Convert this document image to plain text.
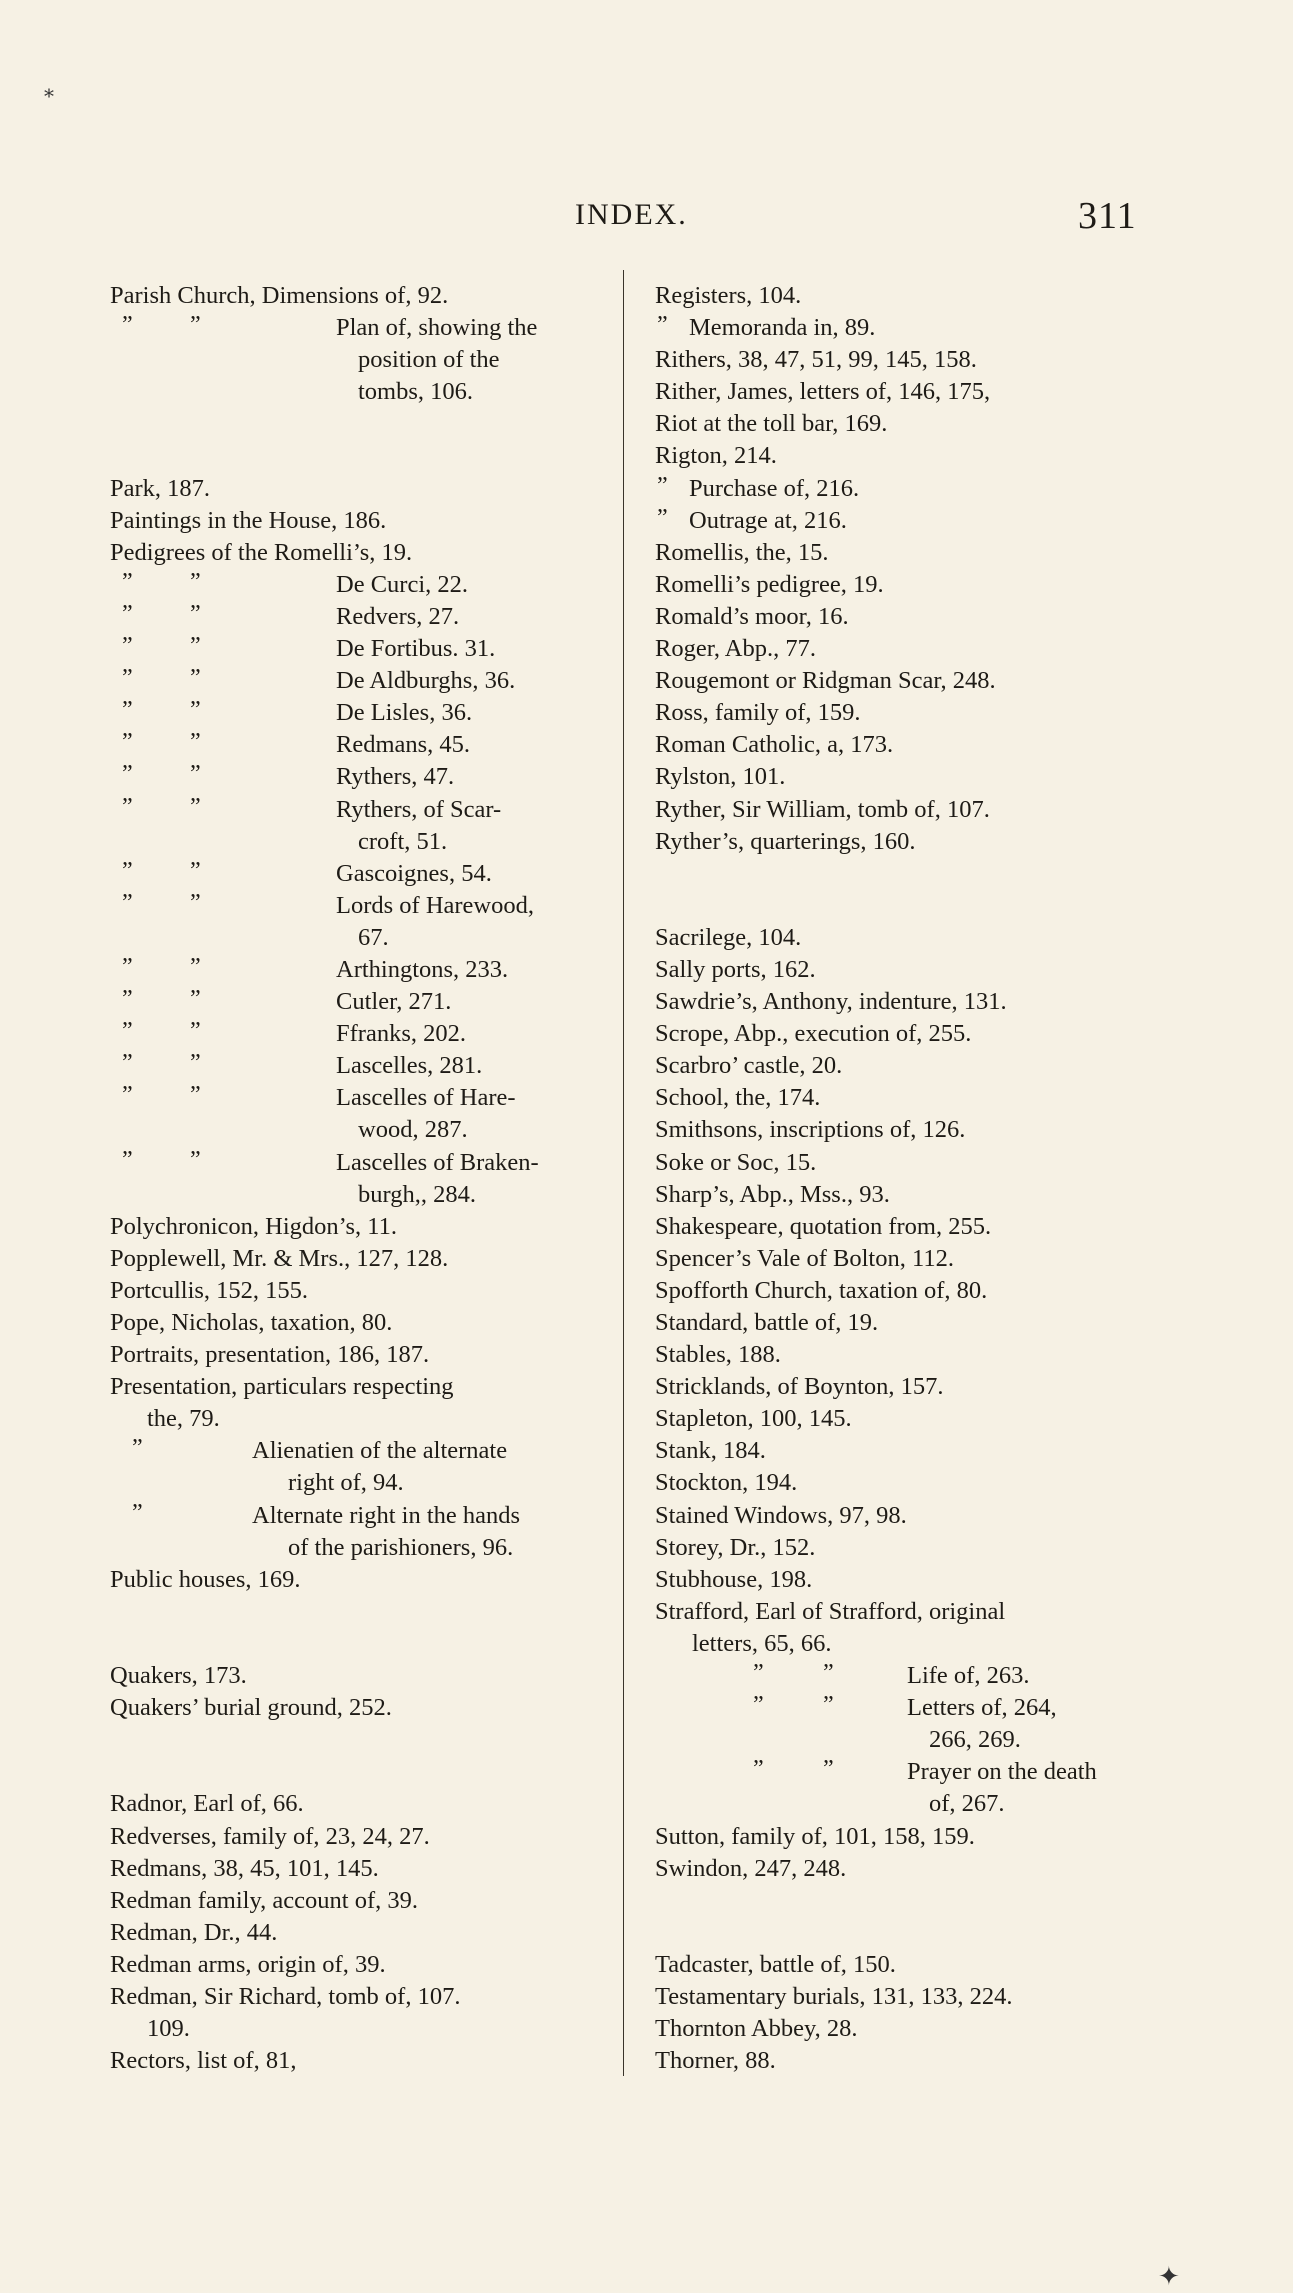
⁎
INDEX.	311
Parish Church, Dimensions of, 92.
” ”	Plan of, showing the
position of the
tombs, 106.
Park, 187.
Paintings in the House, 186.
Pedigrees of the Romelli’s, 19.
” ”	De Curci, 22.
” ”	Redvers, 27.
” ”	De Fortibus. 31.
” ”	De Aldburghs, 36.
” ”	De Lisles, 36.
” ”	Redmans, 45.
” ”	Rythers, 47.
” ”	Rythers, of Scar-
croft, 51.
” ”	Gascoignes, 54.
” ”	Lords of Harewood,
67.
” ”	Arthingtons, 233.
” ”	Cutler, 271.
” ”	Ffranks, 202.
” ”	Lascelles, 281.
” ”	Lascelles of Hare-
wood, 287.
” ”	Lascelles of Braken-
burgh,, 284.
Polychronicon, Higdon’s, 11.
Popplewell, Mr. & Mrs., 127, 128.
Portcullis, 152, 155.
Pope, Nicholas, taxation, 80.
Portraits, presentation, 186, 187.
Presentation, particulars respecting
the, 79.
”	Alienatien of the alternate
right of, 94.
”	Alternate right in the hands
of the parishioners, 96.
Public houses, 169.
Quakers, 173.
Quakers’ burial ground, 252.
Radnor, Earl of, 66.
Redverses, family of, 23, 24, 27.
Redmans, 38, 45, 101, 145.
Redman family, account of, 39.
Redman, Dr., 44.
Redman arms, origin of, 39.
Redman, Sir Richard, tomb of, 107.
109.
Rectors, list of, 81,
Registers, 104.
” Memoranda in, 89.
Rithers, 38, 47, 51, 99, 145, 158.
Rither, James, letters of, 146, 175,
Riot at the toll bar, 169.
Rigton, 214.
” Purchase of, 216.
” Outrage at, 216.
Romellis, the, 15.
Romelli’s pedigree, 19.
Romald’s moor, 16.
Roger, Abp., 77.
Rougemont or Ridgman Scar, 248.
Ross, family of, 159.
Roman Catholic, a, 173.
Rylston, 101.
Ryther, Sir William, tomb of, 107.
Ryther’s, quarterings, 160.
Sacrilege, 104.
Sally ports, 162.
Sawdrie’s, Anthony, indenture, 131.
Scrope, Abp., execution of, 255.
Scarbro’ castle, 20.
School, the, 174.
Smithsons, inscriptions of, 126.
Soke or Soc, 15.
Sharp’s, Abp., Mss., 93.
Shakespeare, quotation from, 255.
Spencer’s Vale of Bolton, 112.
Spofforth Church, taxation of, 80.
Standard, battle of, 19.
Stables, 188.
Stricklands, of Boynton, 157.
Stapleton, 100, 145.
Stank, 184.
Stockton, 194.
Stained Windows, 97, 98.
Storey, Dr., 152.
Stubhouse, 198.
Strafford, Earl of Strafford, original
letters, 65, 66.
” ”	Life of, 263.
” ”	Letters of, 264,
266, 269.
” ”	Prayer on the death
of, 267.
Sutton, family of, 101, 158, 159.
Swindon, 247, 248.
Tadcaster, battle of, 150.
Testamentary burials, 131, 133, 224.
Thornton Abbey, 28.
Thorner, 88.
✦
